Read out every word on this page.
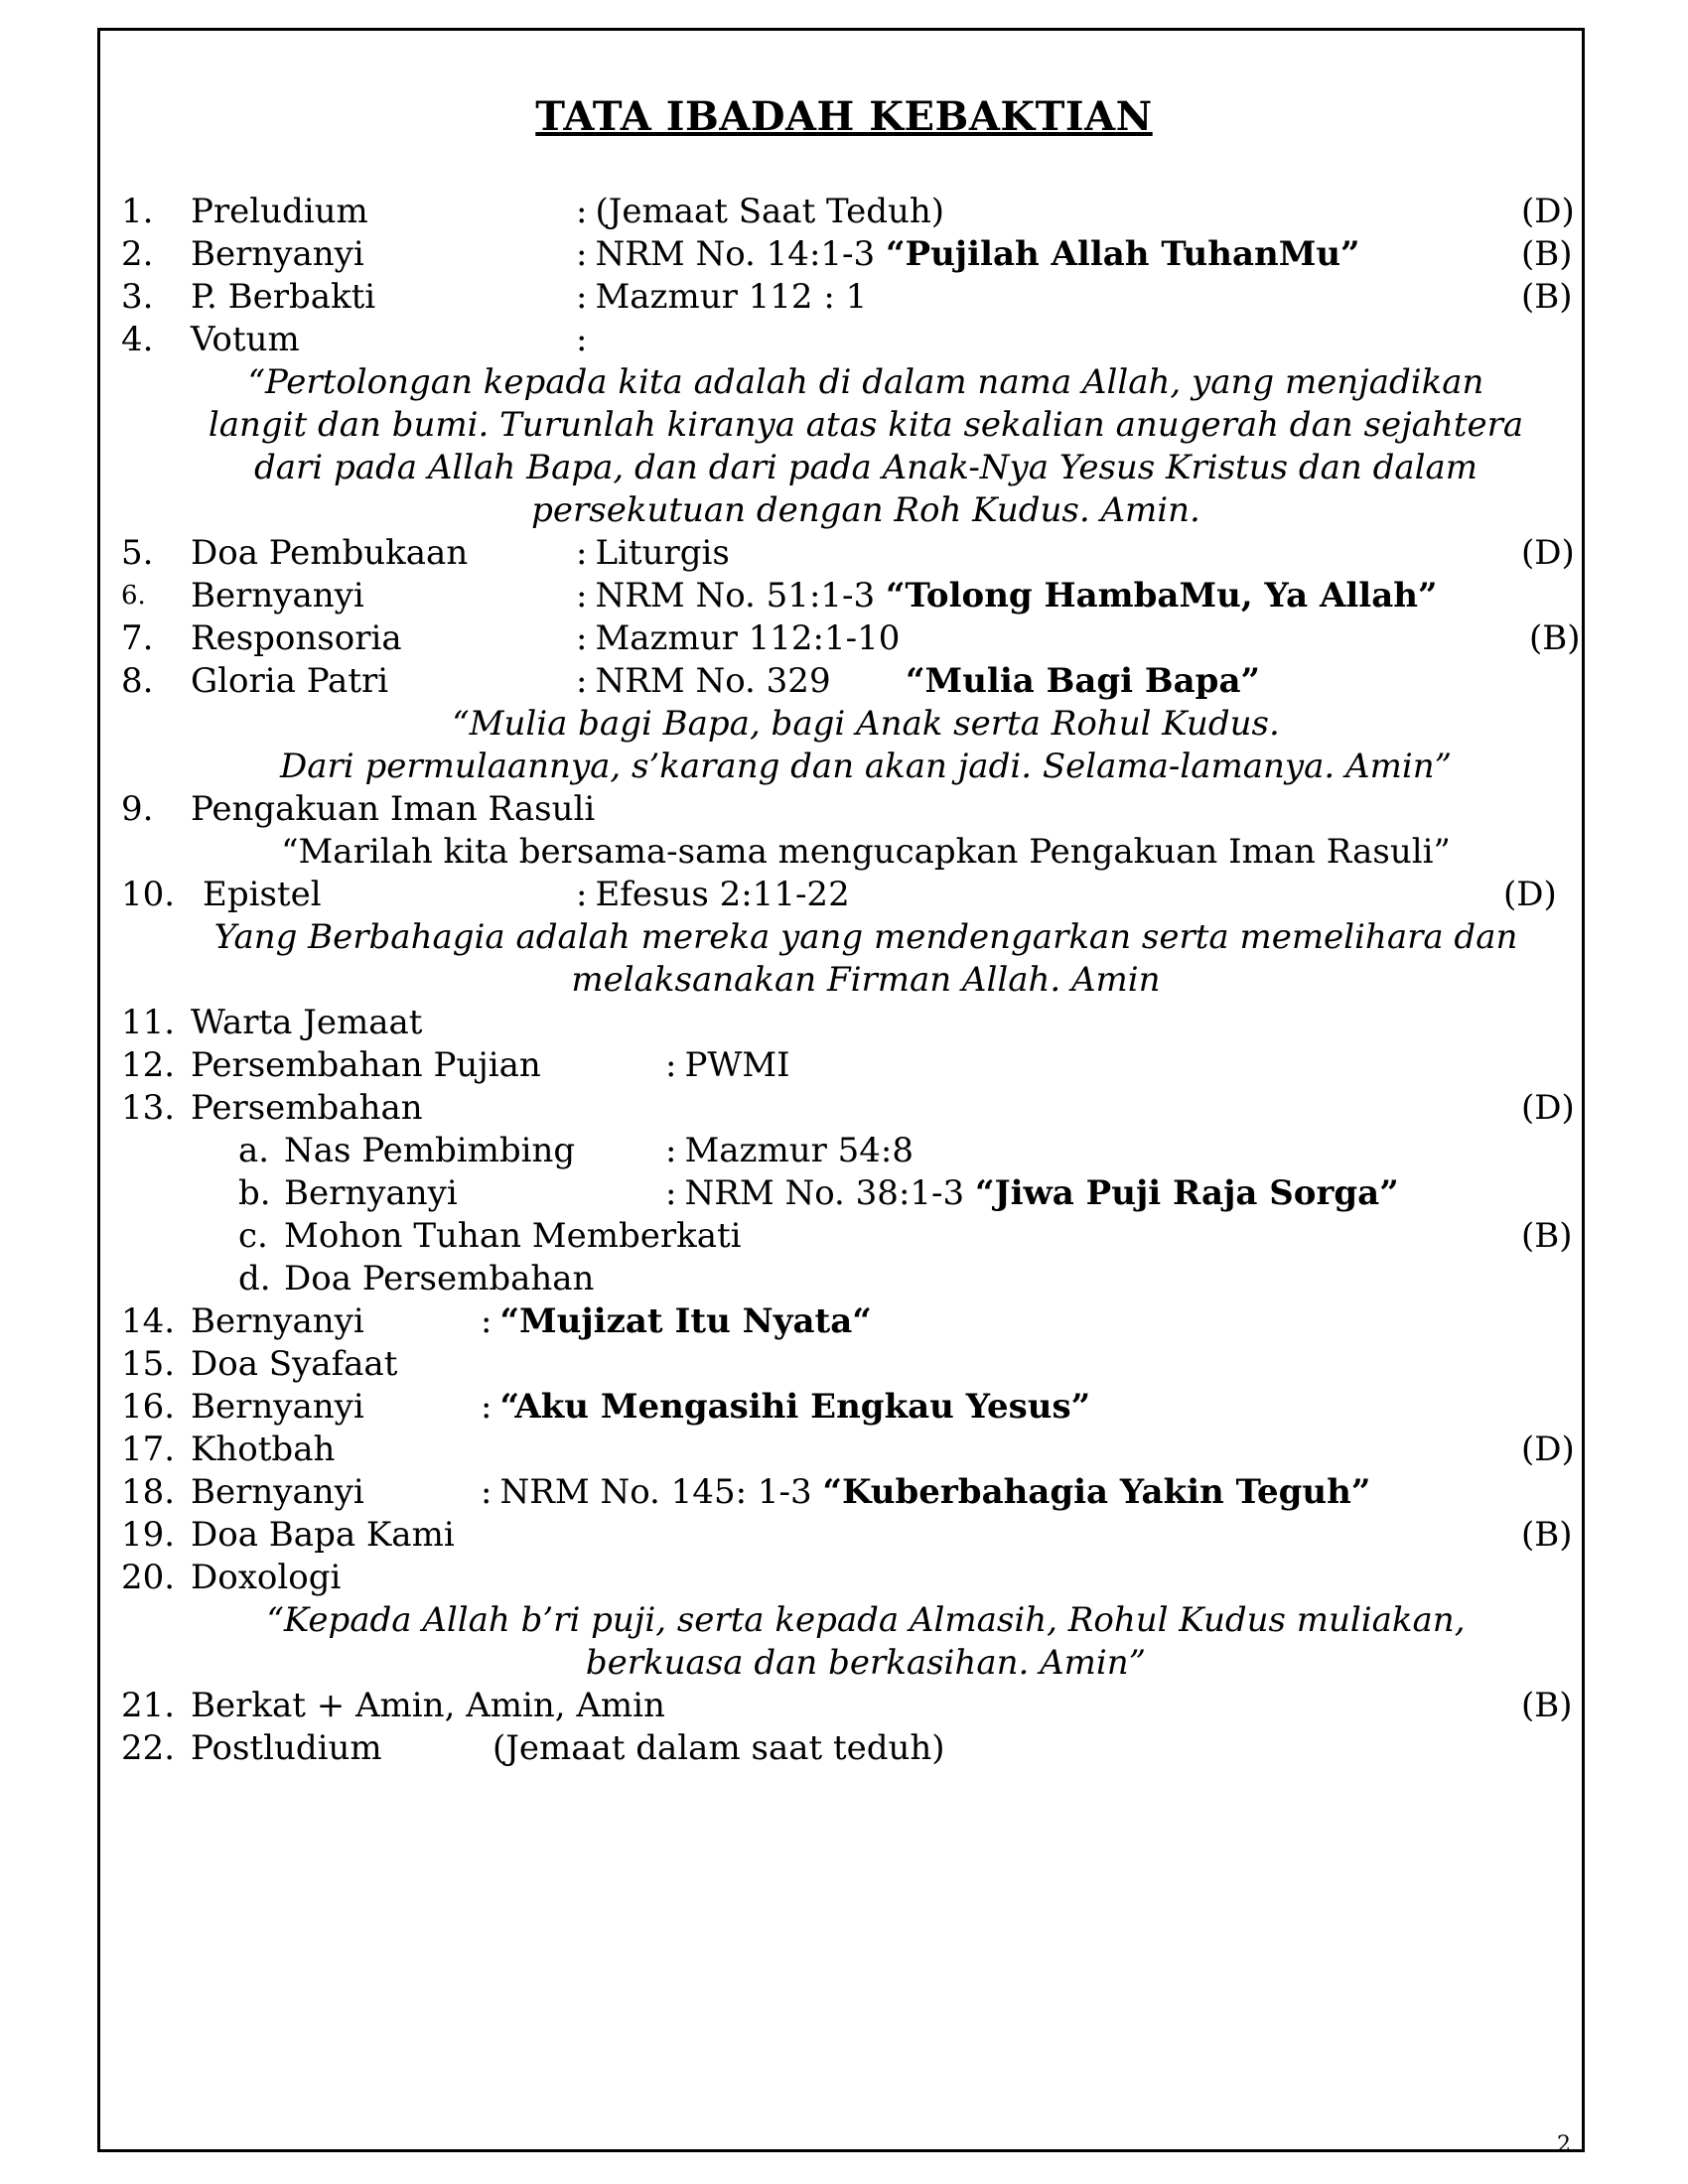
TATA IBADAH KEBAKTIAN
1. Preludium	: (Jemaat Saat Teduh)	(D)
2. Bernyanyi	: NRM No. 14:1-3 “Pujilah Allah TuhanMu”	(B)
3. P. Berbakti	: Mazmur 112 : 1	(B)
4. Votum	:
“Pertolongan kepada kita adalah di dalam nama Allah, yang menjadikan
langit dan bumi. Turunlah kiranya atas kita sekalian anugerah dan sejahtera
dari pada Allah Bapa, dan dari pada Anak-Nya Yesus Kristus dan dalam
persekutuan dengan Roh Kudus. Amin.
5. Doa Pembukaan	: Liturgis	(D)
6. Bernyanyi	: NRM No. 51:1-3 “Tolong HambaMu, Ya Allah”
7. Responsoria	: Mazmur 112:1-10	(B)
8. Gloria Patri	: NRM No. 329 “Mulia Bagi Bapa”
“Mulia bagi Bapa, bagi Anak serta Rohul Kudus.
Dari permulaannya, s’karang dan akan jadi. Selama-lamanya. Amin”
9. Pengakuan Iman Rasuli
“Marilah kita bersama-sama mengucapkan Pengakuan Iman Rasuli”
10. Epistel	: Efesus 2:11-22	(D)
Yang Berbahagia adalah mereka yang mendengarkan serta memelihara dan
melaksanakan Firman Allah. Amin
11. Warta Jemaat
12. Persembahan Pujian	: PWMI
13. Persembahan	(D)
a. Nas Pembimbing	: Mazmur 54:8
b. Bernyanyi	: NRM No. 38:1-3 “Jiwa Puji Raja Sorga”
c. Mohon Tuhan Memberkati	(B)
d. Doa Persembahan
14. Bernyanyi	: “Mujizat Itu Nyata“
15. Doa Syafaat
16. Bernyanyi	: “Aku Mengasihi Engkau Yesus”
17. Khotbah	(D)
18. Bernyanyi	: NRM No. 145: 1-3 “Kuberbahagia Yakin Teguh”
19. Doa Bapa Kami	(B)
20. Doxologi
“Kepada Allah b’ri puji, serta kepada Almasih, Rohul Kudus muliakan,
berkuasa dan berkasihan. Amin”
21. Berkat + Amin, Amin, Amin	(B)
22. Postludium	(Jemaat dalam saat teduh)
2
